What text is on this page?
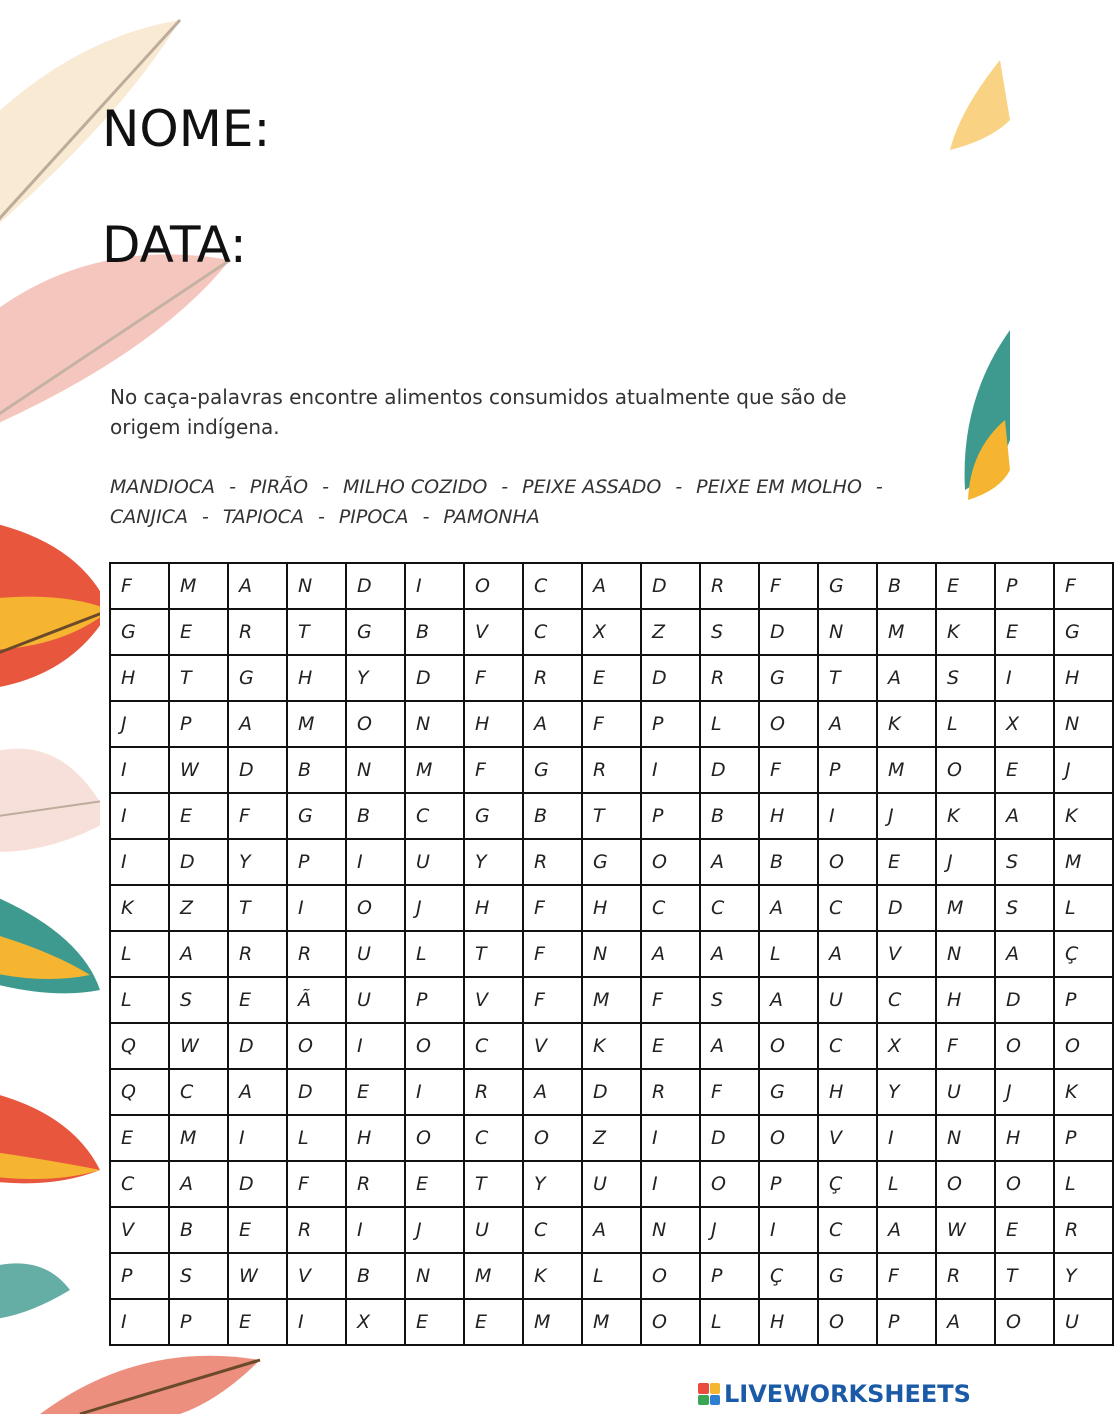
NOME:
DATA:
No caça-palavras encontre alimentos consumidos atualmente que são de origem indígena.
MANDIOCA - PIRÃO - MILHO COZIDO - PEIXE ASSADO - PEIXE EM MOLHO -
CANJICA - TAPIOCA - PIPOCA - PAMONHA
F	M	A	N	D	I	O	C	A	D	R	F	G	B	E	P	F
G	E	R	T	G	B	V	C	X	Z	S	D	N	M	K	E	G
H	T	G	H	Y	D	F	R	E	D	R	G	T	A	S	I	H
J	P	A	M	O	N	H	A	F	P	L	O	A	K	L	X	N
I	W	D	B	N	M	F	G	R	I	D	F	P	M	O	E	J
I	E	F	G	B	C	G	B	T	P	B	H	I	J	K	A	K
I	D	Y	P	I	U	Y	R	G	O	A	B	O	E	J	S	M
K	Z	T	I	O	J	H	F	H	C	C	A	C	D	M	S	L
L	A	R	R	U	L	T	F	N	A	A	L	A	V	N	A	Ç
L	S	E	Ã	U	P	V	F	M	F	S	A	U	C	H	D	P
Q	W	D	O	I	O	C	V	K	E	A	O	C	X	F	O	O
Q	C	A	D	E	I	R	A	D	R	F	G	H	Y	U	J	K
E	M	I	L	H	O	C	O	Z	I	D	O	V	I	N	H	P
C	A	D	F	R	E	T	Y	U	I	O	P	Ç	L	O	O	L
V	B	E	R	I	J	U	C	A	N	J	I	C	A	W	E	R
P	S	W	V	B	N	M	K	L	O	P	Ç	G	F	R	T	Y
I	P	E	I	X	E	E	M	M	O	L	H	O	P	A	O	U
LIVEWORKSHEETS
